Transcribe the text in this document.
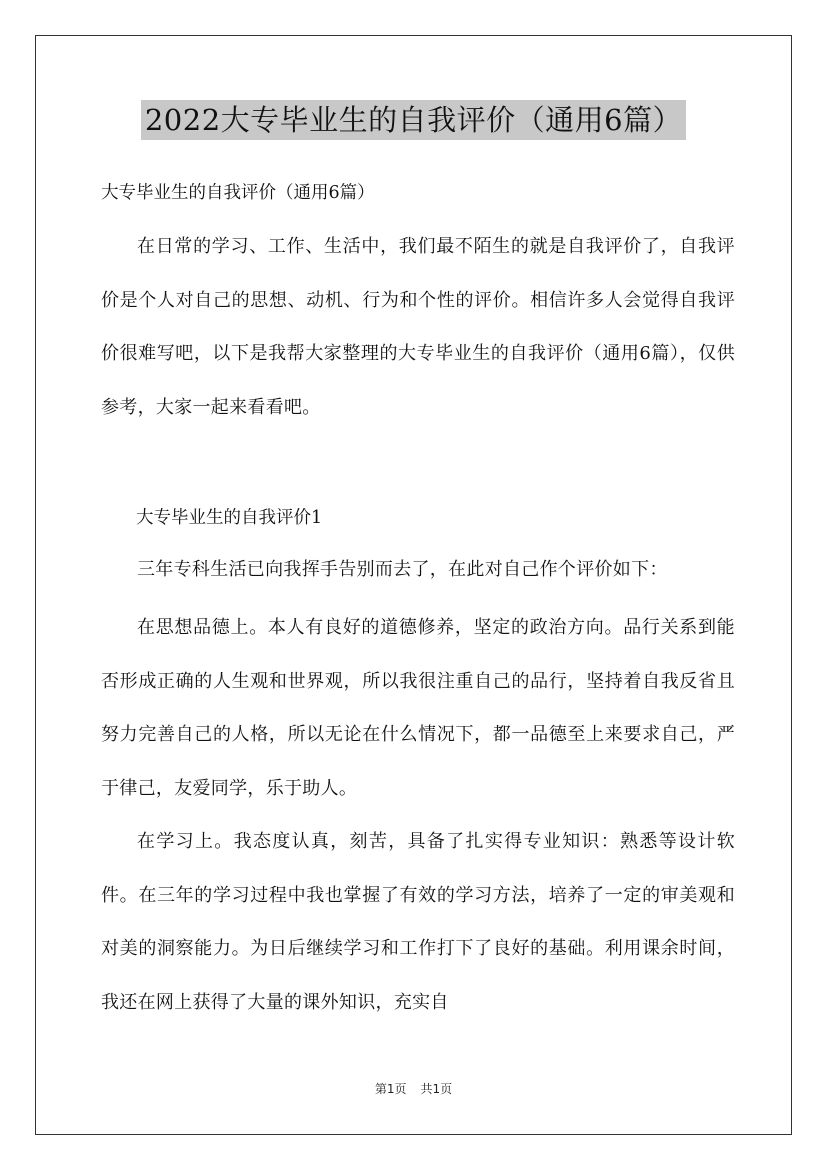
2022大专毕业生的自我评价（通用6篇）
大专毕业生的自我评价（通用6篇）

在日常的学习、工作、生活中，我们最不陌生的就是自我评价了，自我评价是个人对自己的思想、动机、行为和个性的评价。相信许多人会觉得自我评价很难写吧，以下是我帮大家整理的大专毕业生的自我评价（通用6篇），仅供参考，大家一起来看看吧。

大专毕业生的自我评价1

三年专科生活已向我挥手告别而去了，在此对自己作个评价如下：

在思想品德上。本人有良好的道德修养，坚定的政治方向。品行关系到能否形成正确的人生观和世界观，所以我很注重自己的品行，坚持着自我反省且努力完善自己的人格，所以无论在什么情况下，都一品德至上来要求自己，严于律己，友爱同学，乐于助人。

在学习上。我态度认真，刻苦，具备了扎实得专业知识：熟悉等设计软件。在三年的学习过程中我也掌握了有效的学习方法，培养了一定的审美观和对美的洞察能力。为日后继续学习和工作打下了良好的基础。利用课余时间，我还在网上获得了大量的课外知识，充实自

第1页 共1页
